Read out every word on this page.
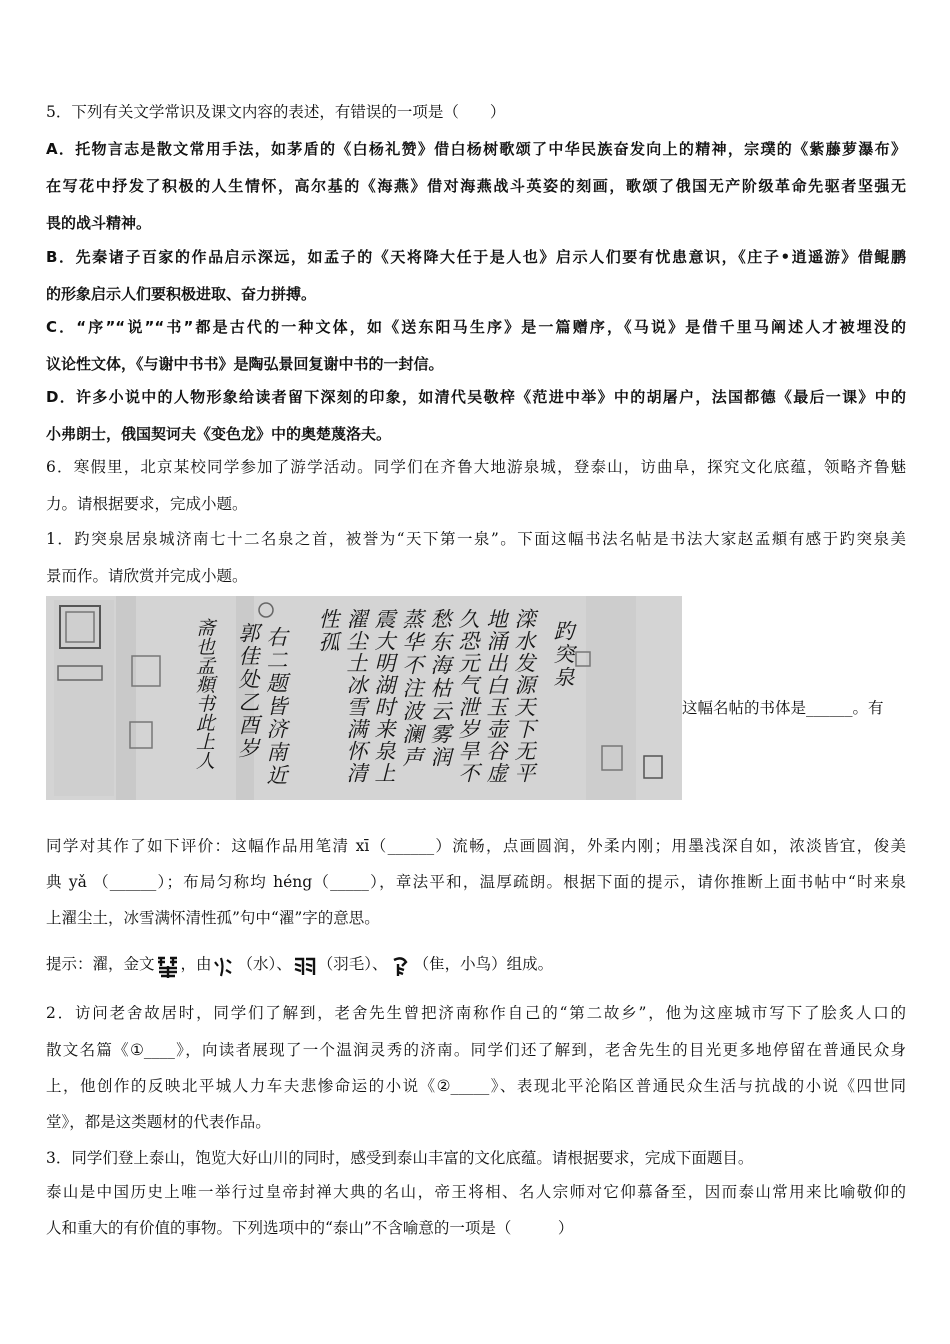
5．下列有关文学常识及课文内容的表述，有错误的一项是（　　）
A．托物言志是散文常用手法，如茅盾的《白杨礼赞》借白杨树歌颂了中华民族奋发向上的精神，宗璞的《紫藤萝瀑布》
在写花中抒发了积极的人生情怀，高尔基的《海燕》借对海燕战斗英姿的刻画，歌颂了俄国无产阶级革命先驱者坚强无
畏的战斗精神。
B．先秦诸子百家的作品启示深远，如孟子的《天将降大任于是人也》启示人们要有忧患意识，《庄子•逍遥游》借鲲鹏
的形象启示人们要积极进取、奋力拼搏。
C．“序”“说”“书”都是古代的一种文体，如《送东阳马生序》是一篇赠序，《马说》是借千里马阐述人才被埋没的
议论性文体，《与谢中书书》是陶弘景回复谢中书的一封信。
D．许多小说中的人物形象给读者留下深刻的印象，如清代吴敬梓《范进中举》中的胡屠户，法国都德《最后一课》中的
小弗朗士，俄国契诃夫《变色龙》中的奥楚蔑洛夫。
6．寒假里，北京某校同学参加了游学活动。同学们在齐鲁大地游泉城，登泰山，访曲阜，探究文化底蕴，领略齐鲁魅
力。请根据要求，完成小题。
1．趵突泉居泉城济南七十二名泉之首，被誉为“天下第一泉”。下面这幅书法名帖是书法大家赵孟頫有感于趵突泉美
景而作。请欣赏并完成小题。
趵突泉
滦水发源天下无平
地涌出白玉壶谷虚
久恐元气泄岁旱不
愁东海枯云雾润
蒸华不注波澜声
震大明湖时来泉上
濯尘土冰雪满怀清
性孤
右二题皆济南近
郭佳处乙酉岁
斋也孟頫书此上人	这幅名帖的书体是______。有
同学对其作了如下评价：这幅作品用笔清 xī（______）流畅，点画圆润，外柔内刚；用墨浅深自如，浓淡皆宜，俊美
典 yǎ （______）；布局匀称均 héng（_____），章法平和，温厚疏朗。根据下面的提示，请你推断上面书帖中“时来泉
上濯尘土，冰雪满怀清性孤”句中“濯”字的意思。
提示：濯，金文 ，由 （水）、 （羽毛）、 （隹，小鸟）组成。
2．访问老舍故居时，同学们了解到，老舍先生曾把济南称作自己的“第二故乡”，他为这座城市写下了脍炙人口的
散文名篇《①____》，向读者展现了一个温润灵秀的济南。同学们还了解到，老舍先生的目光更多地停留在普通民众身
上，他创作的反映北平城人力车夫悲惨命运的小说《②_____》、表现北平沦陷区普通民众生活与抗战的小说《四世同
堂》，都是这类题材的代表作品。
3．同学们登上泰山，饱览大好山川的同时，感受到泰山丰富的文化底蕴。请根据要求，完成下面题目。
泰山是中国历史上唯一举行过皇帝封禅大典的名山，帝王将相、名人宗师对它仰慕备至，因而泰山常用来比喻敬仰的
人和重大的有价值的事物。下列选项中的“泰山”不含喻意的一项是（　　　）
